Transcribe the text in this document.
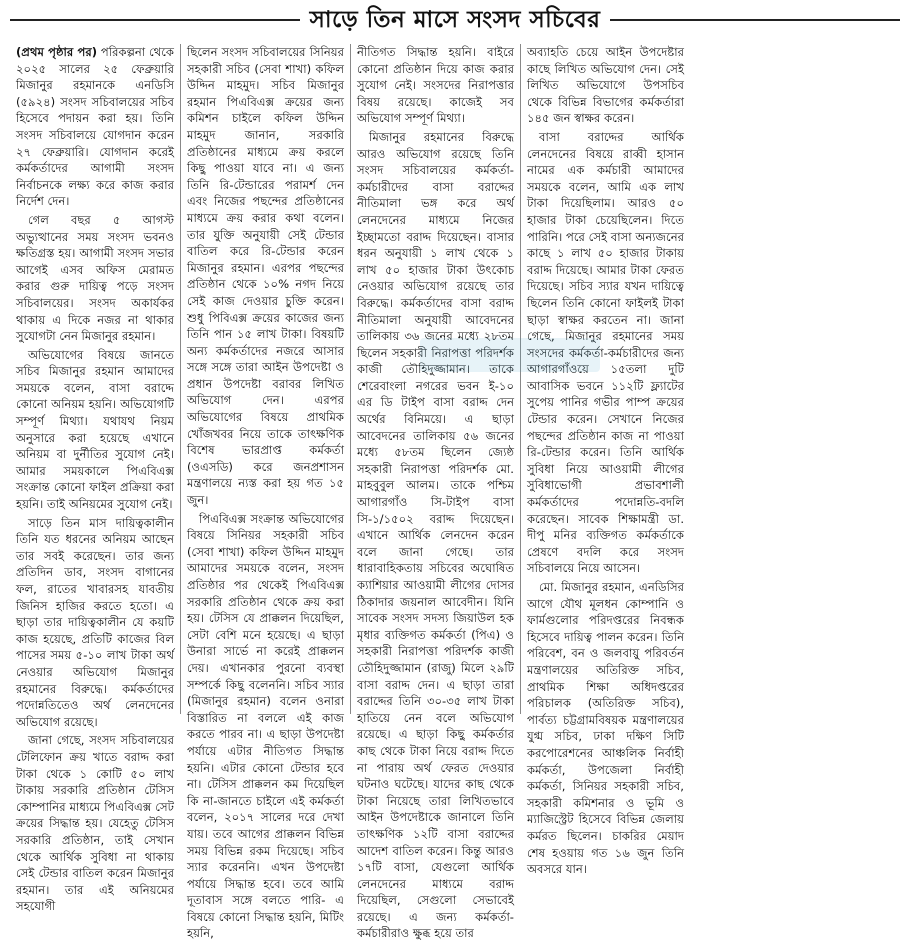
সাড়ে তিন মাসে সংসদ সচিবের

(প্রথম পৃষ্ঠার পর) পরিকল্পনা থেকে ২০২৫ সালের ২৫ ফেব্রুয়ারি মিজানুর রহমানকে এনডিসি (৫৯২৪) সংসদ সচিবালয়ের সচিব হিসেবে পদায়ন করা হয়। তিনি সংসদ সচিবালয়ে যোগদান করেন ২৭ ফেব্রুয়ারি। যোগদান করেই কর্মকর্তাদের আগামী সংসদ নির্বাচনকে লক্ষ্য করে কাজ করার নির্দেশ দেন।

গেল বছর ৫ আগস্ট অভ্যুত্থানের সময় সংসদ ভবনও ক্ষতিগ্রস্ত হয়। আগামী সংসদ সভার আগেই এসব অফিস মেরামত করার গুরু দায়িত্ব পড়ে সংসদ সচিবালয়ের। সংসদ অকার্যকর থাকায় এ দিকে নজর না থাকার সুযোগটা নেন মিজানুর রহমান।

অভিযোগের বিষয়ে জানতে সচিব মিজানুর রহমান আমাদের সময়কে বলেন, বাসা বরাদ্দে কোনো অনিয়ম হয়নি। অভিযোগটি সম্পূর্ণ মিথ্যা। যথাযথ নিয়ম অনুসারে করা হয়েছে এখানে অনিয়ম বা দুর্নীতির সুযোগ নেই। আমার সময়কালে পিএবিএক্স সংক্রান্ত কোনো ফাইল প্রক্রিয়া করা হয়নি। তাই অনিয়মের সুযোগ নেই।

সাড়ে তিন মাস দায়িত্বকালীন তিনি যত ধরনের অনিয়ম আছেন তার সবই করেছেন। তার জন্য প্রতিদিন ডাব, সংসদ বাগানের ফল, রাতের খাবারসহ যাবতীয় জিনিস হাজির করতে হতো। এ ছাড়া তার দায়িত্বকালীন যে কয়টি কাজ হয়েছে, প্রতিটি কাজের বিল পাসের সময় ৫-১০ লাখ টাকা অর্থ নেওয়ার অভিযোগ মিজানুর রহমানের বিরুদ্ধে। কর্মকর্তাদের পদোন্নতিতেও অর্থ লেনদেনের অভিযোগ রয়েছে।

জানা গেছে, সংসদ সচিবালয়ের টেলিফোন ক্রয় খাতে বরাদ্দ করা টাকা থেকে ১ কোটি ৫০ লাখ টাকায় সরকারি প্রতিষ্ঠান টেসিস কোম্পানির মাধ্যমে পিএবিএক্স সেট ক্রয়ের সিদ্ধান্ত হয়। যেহেতু টেসিস সরকারি প্রতিষ্ঠান, তাই সেখান থেকে আর্থিক সুবিধা না থাকায় সেই টেন্ডার বাতিল করেন মিজানুর রহমান। তার এই অনিয়মের সহযোগী

ছিলেন সংসদ সচিবালয়ের সিনিয়র সহকারী সচিব (সেবা শাখা) কফিল উদ্দিন মাহমুদ। সচিব মিজানুর রহমান পিএবিএক্স ক্রয়ের জন্য কমিশন চাইলে কফিল উদ্দিন মাহমুদ জানান, সরকারি প্রতিষ্ঠানের মাধ্যমে ক্রয় করলে কিছু পাওয়া যাবে না। এ জন্য তিনি রি-টেন্ডারের পরামর্শ দেন এবং নিজের পছন্দের প্রতিষ্ঠানের মাধ্যমে ক্রয় করার কথা বলেন। তার যুক্তি অনুযায়ী সেই টেন্ডার বাতিল করে রি-টেন্ডার করেন মিজানুর রহমান। এরপর পছন্দের প্রতিষ্ঠান থেকে ১০% নগদ নিয়ে সেই কাজ দেওয়ার চুক্তি করেন। শুধু পিবিএক্স ক্রয়ের কাজের জন্য তিনি পান ১৫ লাখ টাকা। বিষয়টি অন্য কর্মকর্তাদের নজরে আসার সঙ্গে সঙ্গে তারা আইন উপদেষ্টা ও প্রধান উপদেষ্টা বরাবর লিখিত অভিযোগ দেন। এরপর অভিযোগের বিষয়ে প্রাথমিক খোঁজখবর নিয়ে তাকে তাৎক্ষণিক বিশেষ ভারপ্রাপ্ত কর্মকর্তা (ওএসডি) করে জনপ্রশাসন মন্ত্রণালয়ে ন্যস্ত করা হয় গত ১৫ জুন।

পিএবিএক্স সংক্রান্ত অভিযোগের বিষয়ে সিনিয়র সহকারী সচিব (সেবা শাখা) কফিল উদ্দিন মাহমুদ আমাদের সময়কে বলেন, সংসদ প্রতিষ্ঠার পর থেকেই পিএবিএক্স সরকারি প্রতিষ্ঠান থেকে ক্রয় করা হয়। টেসিস যে প্রাক্কলন দিয়েছিল, সেটা বেশি মনে হয়েছে। এ ছাড়া উনারা সার্ভে না করেই প্রাক্কলন দেয়। এখানকার পুরনো ব্যবস্থা সম্পর্কে কিছু বলেননি। সচিব স্যার (মিজানুর রহমান) বলেন ওনারা বিস্তারিত না বললে এই কাজ করতে পারব না। এ ছাড়া উপদেষ্টা পর্যায়ে এটার নীতিগত সিদ্ধান্ত হয়নি। এটার কোনো টেন্ডার হবে না। টেসিস প্রাক্কলন কম দিয়েছিল কি না-জানতে চাইলে এই কর্মকর্তা বলেন, ২০১৭ সালের দরে দেখা যায়। তবে আগের প্রাক্কলন বিভিন্ন সময় বিভিন্ন রকম দিয়েছে। সচিব স্যার করেননি। এখন উপদেষ্টা পর্যায়ে সিদ্ধান্ত হবে। তবে আমি দূতাবাস সঙ্গে বলতে পারি- এ বিষয়ে কোনো সিদ্ধান্ত হয়নি, মিটিং হয়নি,

নীতিগত সিদ্ধান্ত হয়নি। বাইরে কোনো প্রতিষ্ঠান দিয়ে কাজ করার সুযোগ নেই। সংসদের নিরাপত্তার বিষয় রয়েছে। কাজেই সব অভিযোগ সম্পূর্ণ মিথ্যা।

মিজানুর রহমানের বিরুদ্ধে আরও অভিযোগ রয়েছে তিনি সংসদ সচিবালয়ের কর্মকর্তা-কর্মচারীদের বাসা বরাদ্দের নীতিমালা ভঙ্গ করে অর্থ লেনদেনের মাধ্যমে নিজের ইচ্ছামতো বরাদ্দ দিয়েছেন। বাসার ধরন অনুযায়ী ১ লাখ থেকে ১ লাখ ৫০ হাজার টাকা উৎকোচ নেওয়ার অভিযোগ রয়েছে তার বিরুদ্ধে। কর্মকর্তাদের বাসা বরাদ্দ নীতিমালা অনুযায়ী আবেদনের তালিকায় ৩৬ জনের মধ্যে ২৮তম ছিলেন সহকারী নিরাপত্তা পরিদর্শক কাজী তৌহিদুজ্জামান। তাকে শেরেবাংলা নগরের ভবন ই-১০ এর ডি টাইপ বাসা বরাদ্দ দেন অর্থের বিনিময়ে। এ ছাড়া আবেদনের তালিকায় ৫৬ জনের মধ্যে ৫৮তম ছিলেন জ্যেষ্ঠ সহকারী নিরাপত্তা পরিদর্শক মো. মাহবুবুল আলম। তাকে পশ্চিম আগারগাঁও সি-টাইপ বাসা সি-১/১৫০২ বরাদ্দ দিয়েছেন। এখানে আর্থিক লেনদেন করেন বলে জানা গেছে। তার ধারাবাহিকতায় সচিবের অঘোষিত ক্যাশিয়ার আওয়ামী লীগের দোসর ঠিকাদার জয়নাল আবেদীন। যিনি সাবেক সংসদ সদস্য জিয়াউল হক মৃধার ব্যক্তিগত কর্মকর্তা (পিএ) ও সহকারী নিরাপত্তা পরিদর্শক কাজী তৌহিদুজ্জামান (রাজু) মিলে ২৯টি বাসা বরাদ্দ দেন। এ ছাড়া তারা বরাদ্দের তিনি ৩০-৩৫ লাখ টাকা হাতিয়ে নেন বলে অভিযোগ রয়েছে। এ ছাড়া কিছু কর্মকর্তার কাছ থেকে টাকা নিয়ে বরাদ্দ দিতে না পারায় অর্থ ফেরত দেওয়ার ঘটনাও ঘটেছে। যাদের কাছ থেকে টাকা নিয়েছে তারা লিখিতভাবে আইন উপদেষ্টাকে জানালে তিনি তাৎক্ষণিক ১২টি বাসা বরাদ্দের আদেশ বাতিল করেন। কিন্তু আরও ১৭টি বাসা, যেগুলো আর্থিক লেনদেনের মাধ্যমে বরাদ্দ দিয়েছিল, সেগুলো সেভাবেই রয়েছে। এ জন্য কর্মকর্তা-কর্মচারীরাও ক্ষুব্ধ হয়ে তার

অব্যাহতি চেয়ে আইন উপদেষ্টার কাছে লিখিত অভিযোগ দেন। সেই লিখিত অভিযোগে উপসচিব থেকে বিভিন্ন বিভাগের কর্মকর্তারা ১৪৫ জন স্বাক্ষর করেন।

বাসা বরাদ্দের আর্থিক লেনদেনের বিষয়ে রাব্বী হাসান নামের এক কর্মচারী আমাদের সময়কে বলেন, আমি এক লাখ টাকা দিয়েছিলাম। আরও ৫০ হাজার টাকা চেয়েছিলেন। দিতে পারিনি। পরে সেই বাসা অন্যজনের কাছে ১ লাখ ৫০ হাজার টাকায় বরাদ্দ দিয়েছে। আমার টাকা ফেরত দিয়েছে। সচিব স্যার যখন দায়িত্বে ছিলেন তিনি কোনো ফাইলই টাকা ছাড়া স্বাক্ষর করতেন না। জানা গেছে, মিজানুর রহমানের সময় সংসদের কর্মকর্তা-কর্মচারীদের জন্য আগারগাঁওয়ে ১৫তলা দুটি আবাসিক ভবনে ১১২টি ফ্ল্যাটের সুপেয় পানির গভীর পাম্প ক্রয়ের টেন্ডার করেন। সেখানে নিজের পছন্দের প্রতিষ্ঠান কাজ না পাওয়া রি-টেন্ডার করেন। তিনি আর্থিক সুবিধা নিয়ে আওয়ামী লীগের সুবিধাভোগী প্রভাবশালী কর্মকর্তাদের পদোন্নতি-বদলি করেছেন। সাবেক শিক্ষামন্ত্রী ডা. দীপু মনির ব্যক্তিগত কর্মকর্তাকে প্রেষণে বদলি করে সংসদ সচিবালয়ে নিয়ে আসেন।

মো. মিজানুর রহমান, এনডিসির আগে যৌথ মূলধন কোম্পানি ও ফার্মগুলোর পরিদপ্তরের নিবন্ধক হিসেবে দায়িত্ব পালন করেন। তিনি পরিবেশ, বন ও জলবায়ু পরিবর্তন মন্ত্রণালয়ের অতিরিক্ত সচিব, প্রাথমিক শিক্ষা অধিদপ্তরের পরিচালক (অতিরিক্ত সচিব), পার্বত্য চট্টগ্রামবিষয়ক মন্ত্রণালয়ের যুগ্ম সচিব, ঢাকা দক্ষিণ সিটি করপোরেশনের আঞ্চলিক নির্বাহী কর্মকর্তা, উপজেলা নির্বাহী কর্মকর্তা, সিনিয়র সহকারী সচিব, সহকারী কমিশনার ও ভূমি ও ম্যাজিস্ট্রেট হিসেবে বিভিন্ন জেলায় কর্মরত ছিলেন। চাকরির মেয়াদ শেষ হওয়ায় গত ১৬ জুন তিনি অবসরে যান।
